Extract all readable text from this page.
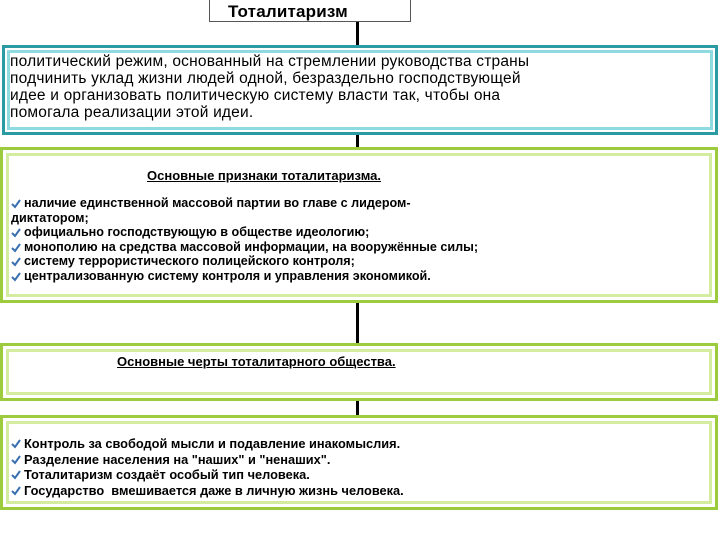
Тоталитаризм
политический режим, основанный на стремлении руководства страны
подчинить уклад жизни людей одной, безраздельно господствующей
идее и организовать политическую систему власти так, чтобы она
помогала реализации этой идеи.
Основные признаки тоталитаризма.
наличие единственной массовой партии во главе с лидером-
диктатором;
официально господствующую в обществе идеологию;
монополию на средства массовой информации, на вооружённые силы;
систему террористического полицейского контроля;
централизованную систему контроля и управления экономикой.
Основные черты тоталитарного общества.
Контроль за свободой мысли и подавление инакомыслия.
Разделение населения на "наших" и "ненаших".
Тоталитаризм создаёт особый тип человека.
Государство  вмешивается даже в личную жизнь человека.
